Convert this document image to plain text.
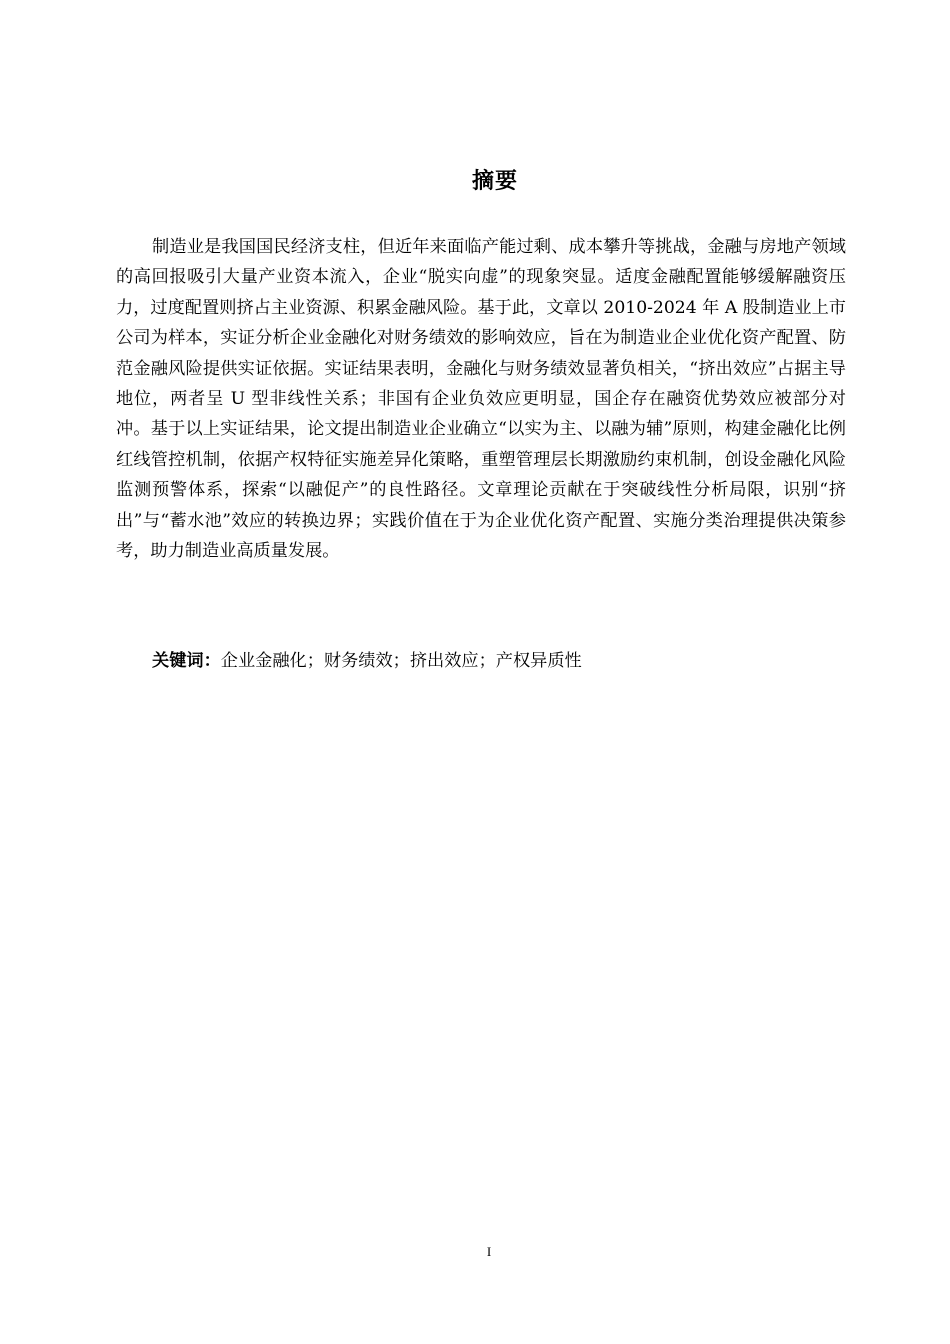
摘要

制造业是我国国民经济支柱，但近年来面临产能过剩、成本攀升等挑战，金融与房地产领域的高回报吸引大量产业资本流入，企业“脱实向虚”的现象突显。适度金融配置能够缓解融资压力，过度配置则挤占主业资源、积累金融风险。基于此，文章以 2010-2024 年 A 股制造业上市公司为样本，实证分析企业金融化对财务绩效的影响效应，旨在为制造业企业优化资产配置、防范金融风险提供实证依据。实证结果表明，金融化与财务绩效显著负相关，“挤出效应”占据主导地位，两者呈 U 型非线性关系；非国有企业负效应更明显，国企存在融资优势效应被部分对冲。基于以上实证结果，论文提出制造业企业确立“以实为主、以融为辅”原则，构建金融化比例红线管控机制，依据产权特征实施差异化策略，重塑管理层长期激励约束机制，创设金融化风险监测预警体系，探索“以融促产”的良性路径。文章理论贡献在于突破线性分析局限，识别“挤出”与“蓄水池”效应的转换边界；实践价值在于为企业优化资产配置、实施分类治理提供决策参考，助力制造业高质量发展。

关键词：企业金融化；财务绩效；挤出效应；产权异质性

I
